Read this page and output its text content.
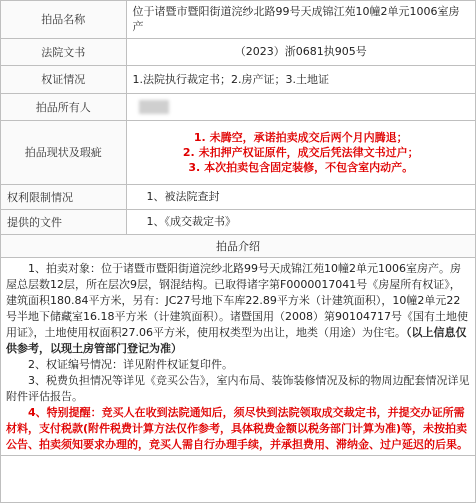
拍品名称	位于诸暨市暨阳街道浣纱北路99号天成锦江苑10幢2单元1006室房产
法院文书	（2023）浙0681执905号
权证情况	1.法院执行裁定书；2.房产证；3.土地证
拍品所有人	
拍品现状及瑕疵	1. 未腾空，承诺拍卖成交后两个月内腾退；
2. 未扣押产权证原件，成交后凭法律文书过户；
3. 本次拍卖包含固定装修，不包含室内动产。

权利限制情况	1、被法院查封
提供的文件	1、《成交裁定书》
拍品介绍	

1、拍卖对象：位于诸暨市暨阳街道浣纱北路99号天成锦江苑10幢2单元1006室房产。房屋总层数12层，所在层次9层，钢混结构。已取得诸字第F0000017041号《房屋所有权证》，建筑面积180.84平方米，另有：JC27号地下车库22.89平方米（计建筑面积），10幢2单元22号半地下储藏室16.18平方米（计建筑面积）。诸暨国用（2008）第90104717号《国有土地使用证》，土地使用权面积27.06平方米，使用权类型为出让，地类（用途）为住宅。（以上信息仅供参考，以现土房管部门登记为准）

2、权证编号情况：详见附件权证复印件。

3、税费负担情况等详见《竞买公告》，室内布局、装饰装修情况及标的物周边配套情况详见附件评估报告。

4、特别提醒：竞买人在收到法院通知后，须尽快到法院领取成交裁定书，并提交办证所需材料，支付税款(附件税费计算方法仅作参考，具体税费金额以税务部门计算为准)等，未按拍卖公告、拍卖须知要求办理的，竞买人需自行办理手续，并承担费用、滞纳金、过户延迟的后果。	
